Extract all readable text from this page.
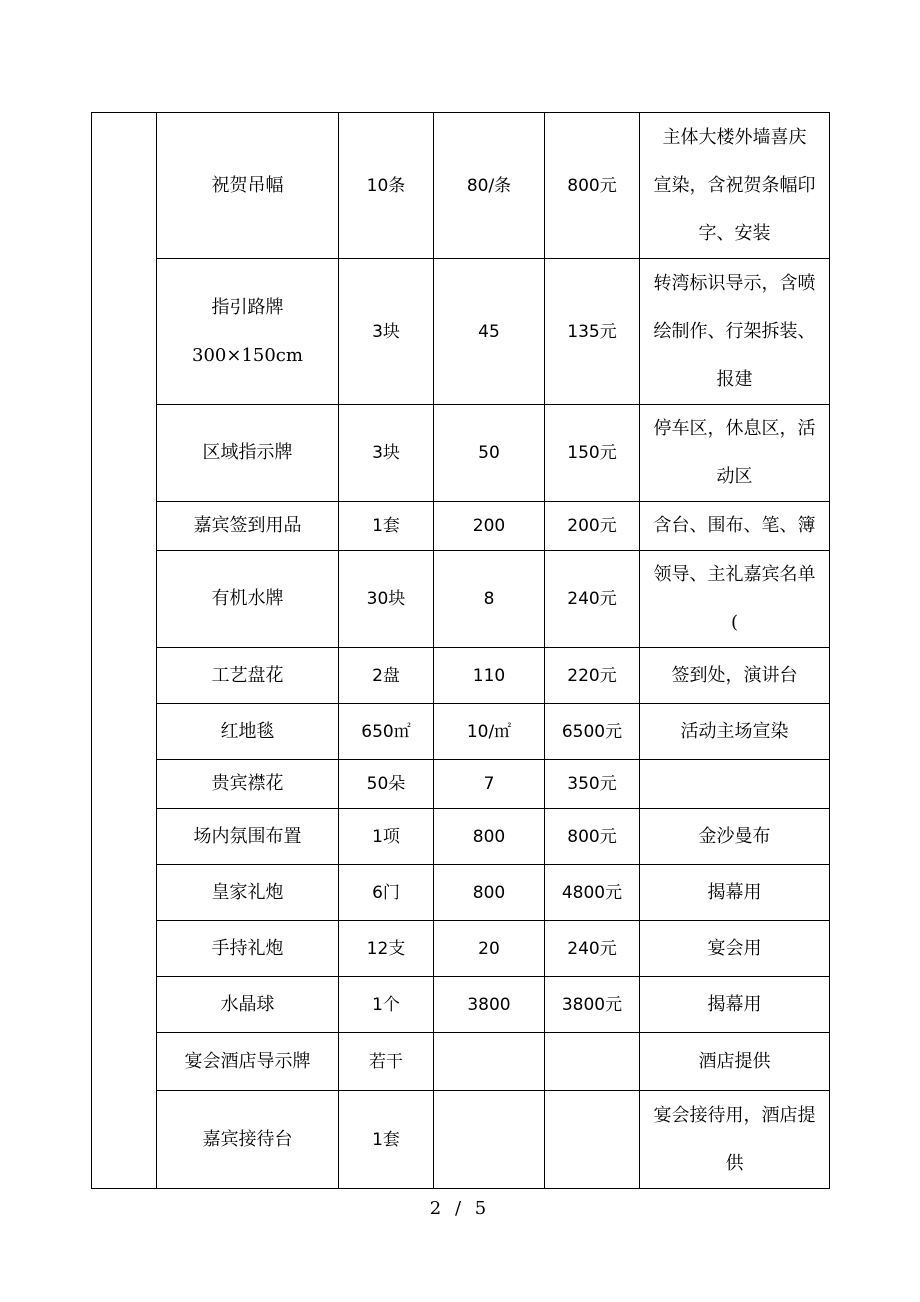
	祝贺吊幅	10条	80/条	800元	主体大楼外墙喜庆
宣染，含祝贺条幅印
字、安装

	指引路牌
300×150cm	3块	45	135元	转湾标识导示，含喷
绘制作、行架拆装、
报建

	区域指示牌	3块	50	150元	停车区，休息区，活
动区

	嘉宾签到用品	1套	200	200元	含台、围布、笔、簿

	有机水牌	30块	8	240元	领导、主礼嘉宾名单
(

	工艺盘花	2盘	110	220元	签到处，演讲台

	红地毯	650㎡	10/㎡	6500元	活动主场宣染

	贵宾襟花	50朵	7	350元	

	场内氛围布置	1项	800	800元	金沙曼布

	皇家礼炮	6门	800	4800元	揭幕用

	手持礼炮	12支	20	240元	宴会用

	水晶球	1个	3800	3800元	揭幕用

	宴会酒店导示牌	若干			酒店提供

	嘉宾接待台	1套			宴会接待用，酒店提
供
2 / 5
